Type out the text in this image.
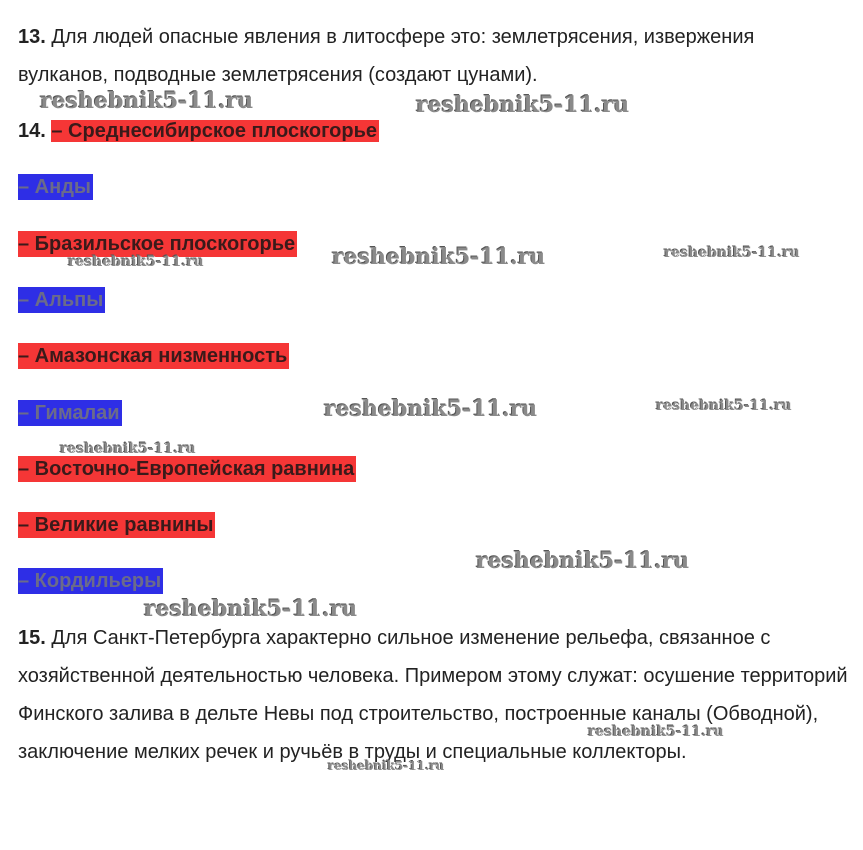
13. Для людей опасные явления в литосфере это: землетрясения, извержения вулканов, подводные землетрясения (создают цунами).

14. – Среднесибирское плоскогорье
– Анды
– Бразильское плоскогорье
– Альпы
– Амазонская низменность
– Гималаи
– Восточно-Европейская равнина
– Великие равнины
– Кордильеры

15. Для Санкт-Петербурга характерно сильное изменение рельефа, связанное с хозяйственной деятельностью человека. Примером этому служат: осушение территорий Финского залива в дельте Невы под строительство, построенные каналы (Обводной), заключение мелких речек и ручьёв в труды и специальные коллекторы.

reshebnik5-11.ru	reshebnik5-11.ru
reshebnik5-11.ru
reshebnik5-11.ru
reshebnik5-11.ru
reshebnik5-11.ru	reshebnik5-11.ru
reshebnik5-11.ru
reshebnik5-11.ru
reshebnik5-11.ru
reshebnik5-11.ru
reshebnik5-11.ru
